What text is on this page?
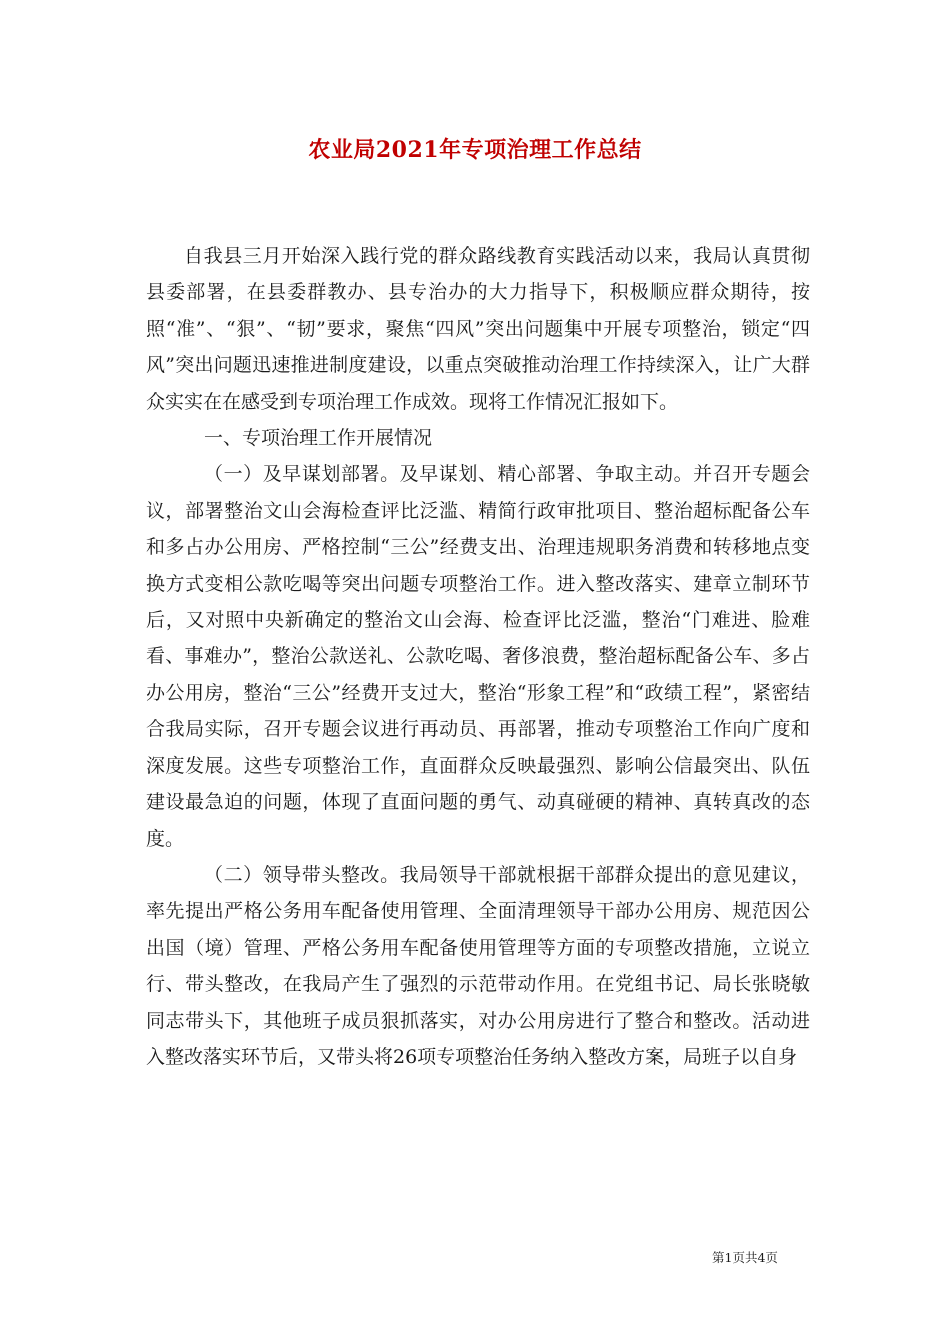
农业局2021年专项治理工作总结

自我县三月开始深入践行党的群众路线教育实践活动以来，我局认真贯彻县委部署，在县委群教办、县专治办的大力指导下，积极顺应群众期待，按照“准”、“狠”、“韧”要求，聚焦“四风”突出问题集中开展专项整治，锁定“四风”突出问题迅速推进制度建设，以重点突破推动治理工作持续深入，让广大群众实实在在感受到专项治理工作成效。现将工作情况汇报如下。

一、专项治理工作开展情况

（一）及早谋划部署。及早谋划、精心部署、争取主动。并召开专题会议，部署整治文山会海检查评比泛滥、精简行政审批项目、整治超标配备公车和多占办公用房、严格控制“三公”经费支出、治理违规职务消费和转移地点变换方式变相公款吃喝等突出问题专项整治工作。进入整改落实、建章立制环节后，又对照中央新确定的整治文山会海、检查评比泛滥，整治“门难进、脸难看、事难办”，整治公款送礼、公款吃喝、奢侈浪费，整治超标配备公车、多占办公用房，整治“三公”经费开支过大，整治“形象工程”和“政绩工程”，紧密结合我局实际，召开专题会议进行再动员、再部署，推动专项整治工作向广度和深度发展。这些专项整治工作，直面群众反映最强烈、影响公信最突出、队伍建设最急迫的问题，体现了直面问题的勇气、动真碰硬的精神、真转真改的态度。

（二）领导带头整改。我局领导干部就根据干部群众提出的意见建议，率先提出严格公务用车配备使用管理、全面清理领导干部办公用房、规范因公出国（境）管理、严格公务用车配备使用管理等方面的专项整改措施，立说立行、带头整改，在我局产生了强烈的示范带动作用。在党组书记、局长张晓敏同志带头下，其他班子成员狠抓落实，对办公用房进行了整合和整改。活动进入整改落实环节后，又带头将26项专项整治任务纳入整改方案，局班子以自身

第1页共4页
